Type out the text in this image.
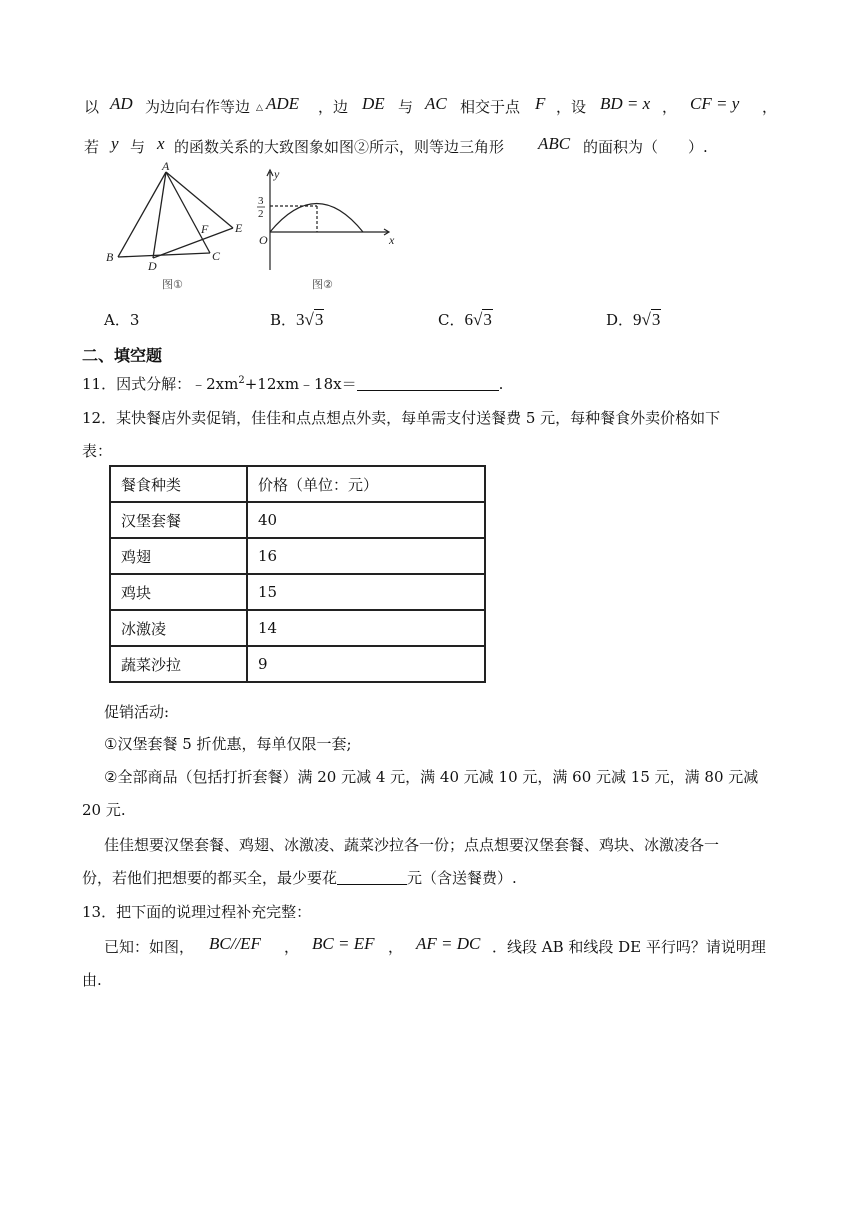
以 AD 为边向右作等边 △ ADE ，边 DE 与 AC 相交于点 F ，设 BD = x ， CF = y ，
若 y 与 x 的函数关系的大致图象如图②所示，则等边三角形 ABC 的面积为（　　）.
A
B	C
D
E
F
图①
y
x
O
3
2
图②
A．3	B．3√3	C．6√3	D．9√3
二、填空题
11．因式分解：$﹣2xm^2+12xm﹣18x=$	.
12．某快餐店外卖促销，佳佳和点点想点外卖，每单需支付送餐费 5 元，每种餐食外卖价格如下
表：
餐食种类	价格（单位：元）
汉堡套餐	40
鸡翅	16
鸡块	15
冰激凌	14
蔬菜沙拉	9
促销活动:
①汉堡套餐 5 折优惠，每单仅限一套;
②全部商品（包括打折套餐）满 20 元减 4 元，满 40 元减 10 元，满 60 元减 15 元，满 80 元减
20 元.
佳佳想要汉堡套餐、鸡翅、冰激凌、蔬菜沙拉各一份；点点想要汉堡套餐、鸡块、冰激凌各一
份，若他们把想要的都买全，最少要花	元（含送餐费）.
13．把下面的说理过程补充完整：
已知：如图， BC//EF ， BC = EF ， AF = DC ．线段 AB 和线段 DE 平行吗？请说明理
由.
